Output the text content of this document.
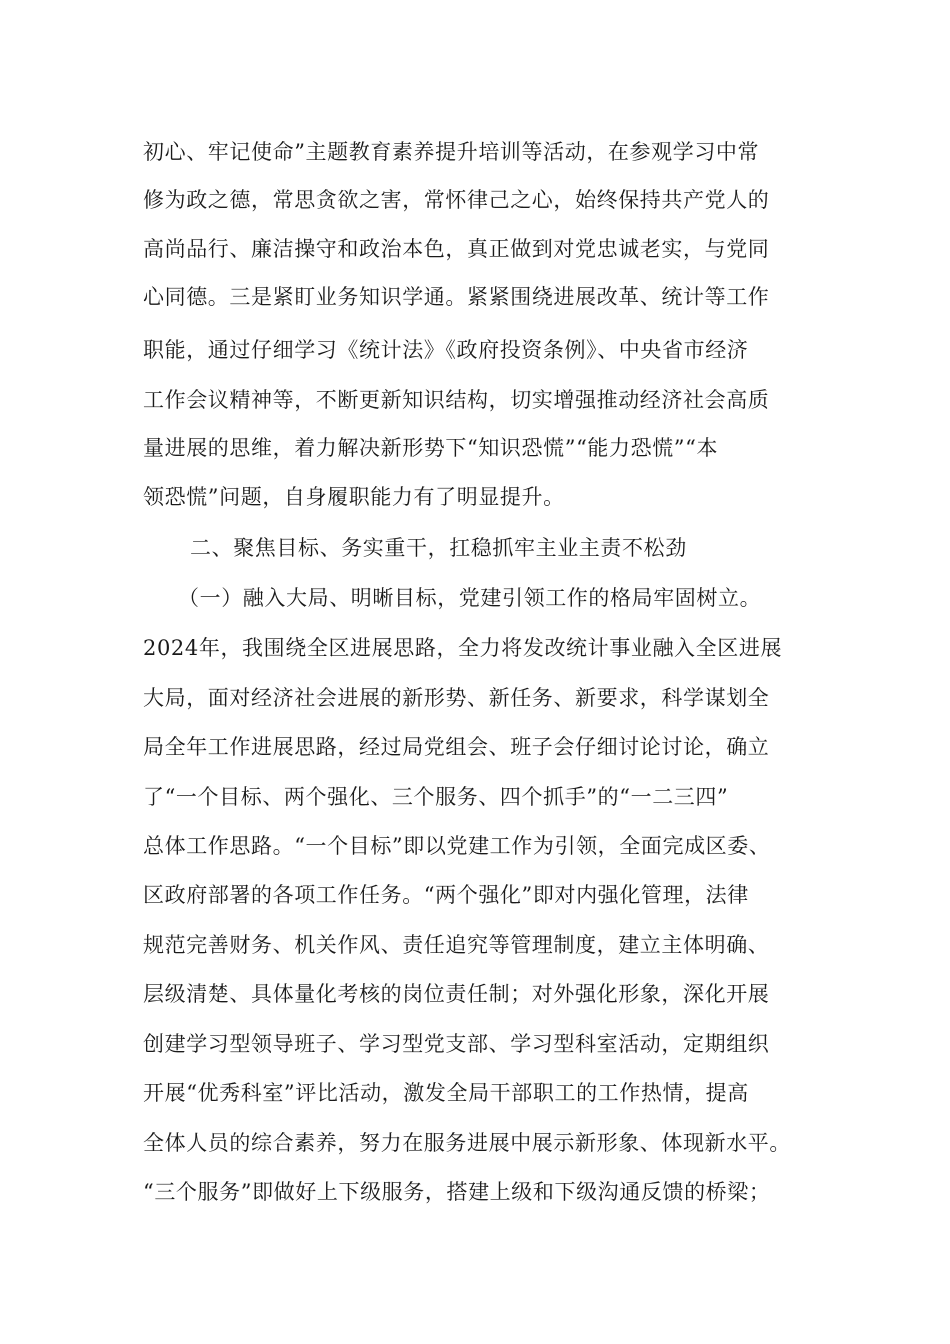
初心、牢记使命”主题教育素养提升培训等活动，在参观学习中常
修为政之德，常思贪欲之害，常怀律己之心，始终保持共产党人的
高尚品行、廉洁操守和政治本色，真正做到对党忠诚老实，与党同
心同德。三是紧盯业务知识学通。紧紧围绕进展改革、统计等工作
职能，通过仔细学习《统计法》《政府投资条例》、中央省市经济
工作会议精神等，不断更新知识结构，切实增强推动经济社会高质
量进展的思维，着力解决新形势下“知识恐慌”“能力恐慌”“本
领恐慌”问题，自身履职能力有了明显提升。
二、聚焦目标、务实重干，扛稳抓牢主业主责不松劲
（一）融入大局、明晰目标，党建引领工作的格局牢固树立。
2024年，我围绕全区进展思路，全力将发改统计事业融入全区进展
大局，面对经济社会进展的新形势、新任务、新要求，科学谋划全
局全年工作进展思路，经过局党组会、班子会仔细讨论讨论，确立
了“一个目标、两个强化、三个服务、四个抓手”的“一二三四”
总体工作思路。“一个目标”即以党建工作为引领，全面完成区委、
区政府部署的各项工作任务。“两个强化”即对内强化管理，法律
规范完善财务、机关作风、责任追究等管理制度，建立主体明确、
层级清楚、具体量化考核的岗位责任制；对外强化形象，深化开展
创建学习型领导班子、学习型党支部、学习型科室活动，定期组织
开展“优秀科室”评比活动，激发全局干部职工的工作热情，提高
全体人员的综合素养，努力在服务进展中展示新形象、体现新水平。
“三个服务”即做好上下级服务，搭建上级和下级沟通反馈的桥梁；
